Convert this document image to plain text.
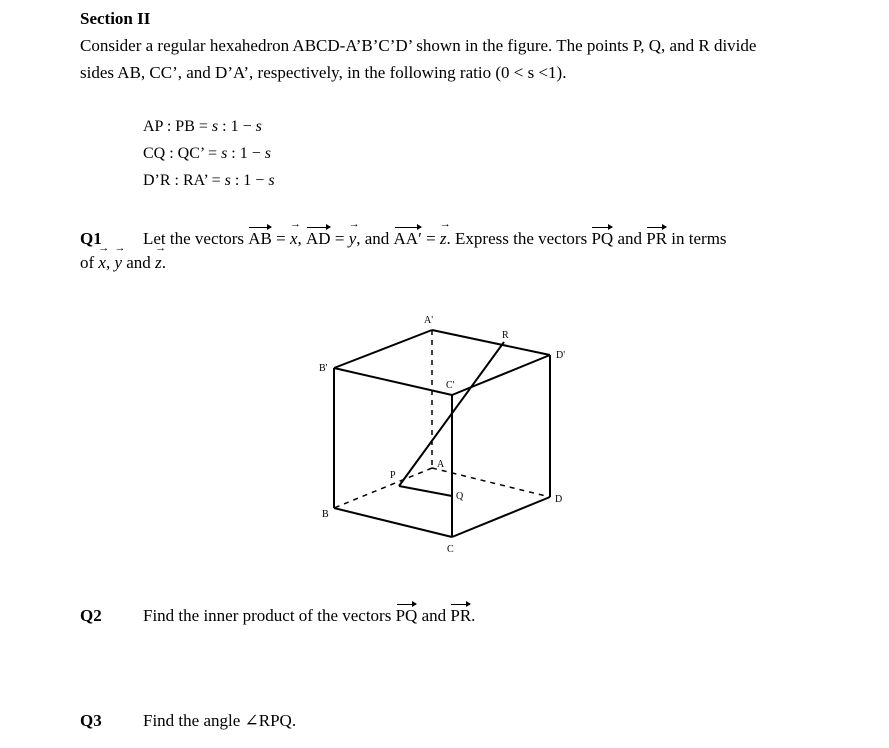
Section II
Consider a regular hexahedron ABCD-A’B’C’D’ shown in the figure. The points P, Q, and R divide
sides AB, CC’, and D’A’, respectively, in the following ratio (0 < s <1).
AP : PB = s : 1 − s
CQ : QC’ = s : 1 − s
D’R : RA’ = s : 1 − s
Q1 Let the vectors AB = x →, AD = y →, and AA′ = z →. Express the vectors PQ and PR in terms
of x →, y → and z →.
A'
R
D'
B'
C'
A
P
Q	D
B
C
Q2 Find the inner product of the vectors PQ and PR.
Q3 Find the angle ∠RPQ.
